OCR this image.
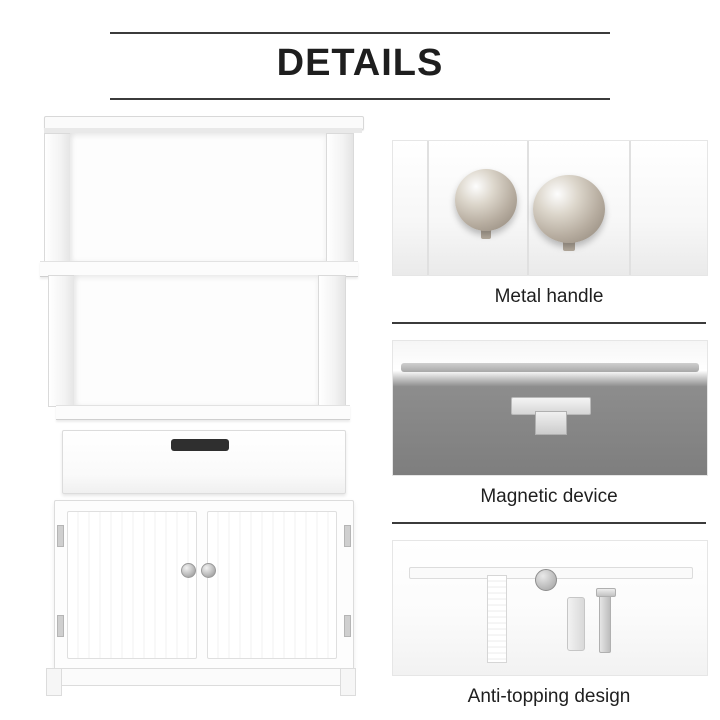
DETAILS
Metal handle
Magnetic device
Anti-topping design
